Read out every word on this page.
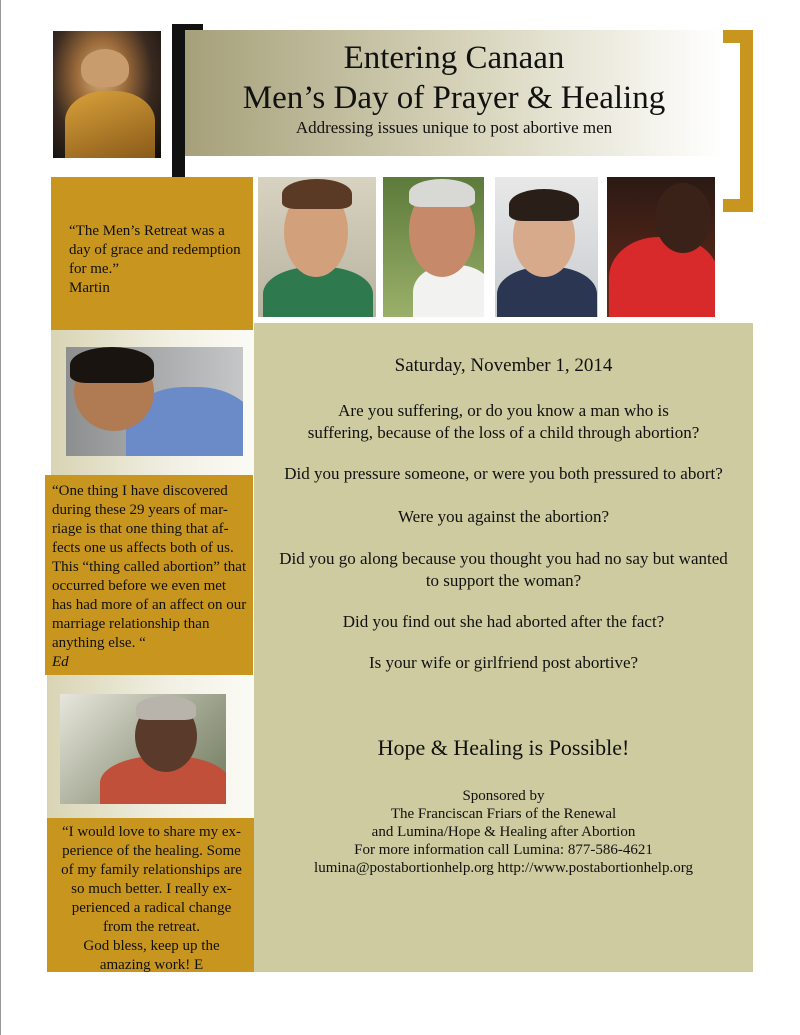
Entering Canaan
Men’s Day of Prayer & Healing
Addressing issues unique to post abortive men
“The Men’s Retreat was a day of grace and redemption for me.”
Martin
“One thing I have discovered during these 29 years of mar-riage is that one thing that af-fects one us affects both of us. This “thing called abortion” that occurred before we even met has had more of an affect on our marriage relationship than anything else. “
Ed
“I would love to share my ex-
perience of the healing. Some
of my family relationships are
so much better. I really ex-
perienced a radical change
from the retreat.
God bless, keep up the
amazing work! E
Saturday, November 1, 2014
Are you suffering, or do you know a man who is
suffering, because of the loss of a child through abortion?
Did you pressure someone, or were you both pressured to abort?
Were you against the abortion?
Did you go along because you thought you had no say but wanted
to support the woman?
Did you find out she had aborted after the fact?
Is your wife or girlfriend post abortive?
Hope & Healing is Possible!
Sponsored by
The Franciscan Friars of the Renewal
and Lumina/Hope & Healing after Abortion
For more information call Lumina: 877-586-4621
lumina@postabortionhelp.org http://www.postabortionhelp.org
